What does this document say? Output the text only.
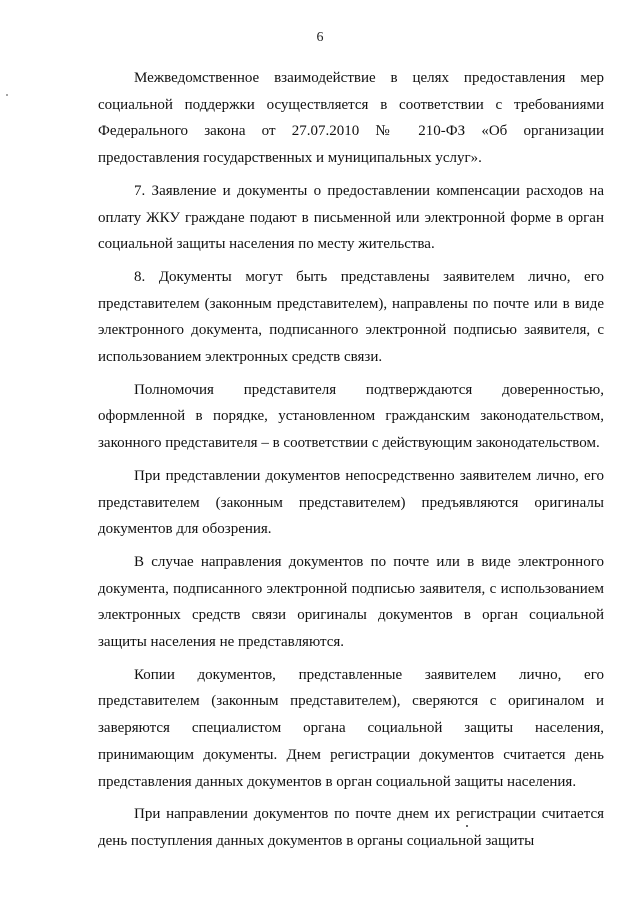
6

Межведомственное взаимодействие в целях предоставления мер социальной поддержки осуществляется в соответствии с требованиями Федерального закона от 27.07.2010 № 210-ФЗ «Об организации предоставления государственных и муниципальных услуг».

7. Заявление и документы о предоставлении компенсации расходов на оплату ЖКУ граждане подают в письменной или электронной форме в орган социальной защиты населения по месту жительства.

8. Документы могут быть представлены заявителем лично, его представителем (законным представителем), направлены по почте или в виде электронного документа, подписанного электронной подписью заявителя, с использованием электронных средств связи.

Полномочия представителя подтверждаются доверенностью, оформленной в порядке, установленном гражданским законодательством, законного представителя – в соответствии с действующим законодательством.

При представлении документов непосредственно заявителем лично, его представителем (законным представителем) предъявляются оригиналы документов для обозрения.

В случае направления документов по почте или в виде электронного документа, подписанного электронной подписью заявителя, с использованием электронных средств связи оригиналы документов в орган социальной защиты населения не представляются.

Копии документов, представленные заявителем лично, его представителем (законным представителем), сверяются с оригиналом и заверяются специалистом органа социальной защиты населения, принимающим документы. Днем регистрации документов считается день представления данных документов в орган социальной защиты населения.

При направлении документов по почте днем их регистрации считается день поступления данных документов в органы социальной защиты
